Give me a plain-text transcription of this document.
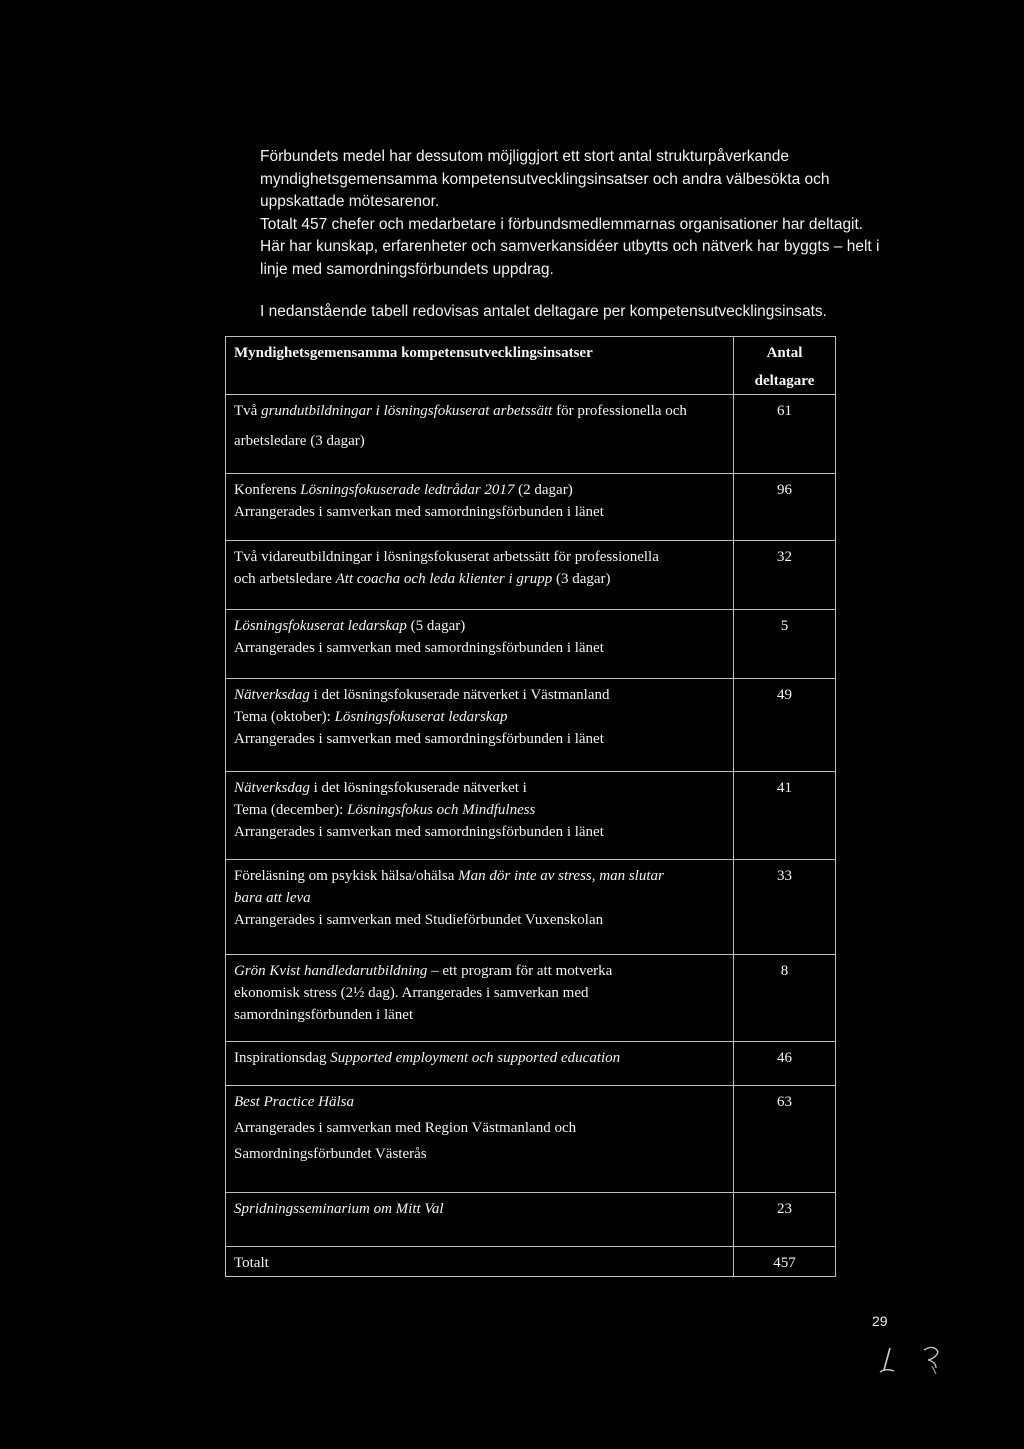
Förbundets medel har dessutom möjliggjort ett stort antal strukturpåverkande

myndighetsgemensamma kompetensutvecklingsinsatser och andra välbesökta och

uppskattade mötesarenor.

Totalt 457 chefer och medarbetare i förbundsmedlemmarnas organisationer har deltagit.

Här har kunskap, erfarenheter och samverkansidéer utbytts och nätverk har byggts – helt i

linje med samordningsförbundets uppdrag.

I nedanstående tabell redovisas antalet deltagare per kompetensutvecklingsinsats.
Myndighetsgemensamma kompetensutvecklingsinsatser	Antal
deltagare

Två grundutbildningar i lösningsfokuserat arbetssätt för professionella och
arbetsledare (3 dagar)	61

Konferens Lösningsfokuserade ledtrådar 2017 (2 dagar)
Arrangerades i samverkan med samordningsförbunden i länet	96

Två vidareutbildningar i lösningsfokuserat arbetssätt för professionella
och arbetsledare Att coacha och leda klienter i grupp (3 dagar)	32

Lösningsfokuserat ledarskap (5 dagar)
Arrangerades i samverkan med samordningsförbunden i länet	5

Nätverksdag i det lösningsfokuserade nätverket i Västmanland
Tema (oktober): Lösningsfokuserat ledarskap
Arrangerades i samverkan med samordningsförbunden i länet	49

Nätverksdag i det lösningsfokuserade nätverket i
Tema (december): Lösningsfokus och Mindfulness
Arrangerades i samverkan med samordningsförbunden i länet	41

Föreläsning om psykisk hälsa/ohälsa Man dör inte av stress, man slutar
bara att leva
Arrangerades i samverkan med Studieförbundet Vuxenskolan	33

Grön Kvist handledarutbildning – ett program för att motverka
ekonomisk stress (2½ dag). Arrangerades i samverkan med
samordningsförbunden i länet	8

Inspirationsdag Supported employment och supported education	46

Best Practice Hälsa
Arrangerades i samverkan med Region Västmanland och
Samordningsförbundet Västerås	63

Spridningsseminarium om Mitt Val	23
Totalt	457
29
